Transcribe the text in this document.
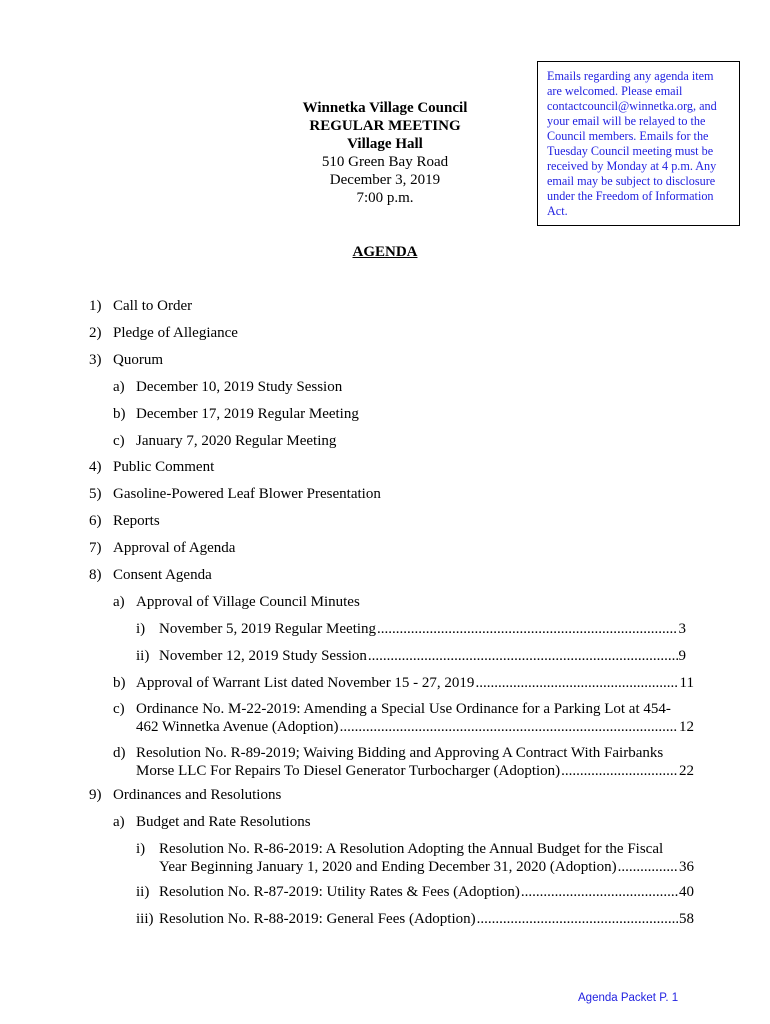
Emails regarding any agenda item
are welcomed. Please email
contactcouncil@winnetka.org, and
your email will be relayed to the
Council members. Emails for the
Tuesday Council meeting must be
received by Monday at 4 p.m. Any
email may be subject to disclosure
under the Freedom of Information
Act.
Winnetka Village Council
REGULAR MEETING
Village Hall
510 Green Bay Road
December 3, 2019
7:00 p.m.
AGENDA
1) Call to Order
2) Pledge of Allegiance
3) Quorum
a) December 10, 2019 Study Session
b) December 17, 2019 Regular Meeting
c) January 7, 2020 Regular Meeting
4) Public Comment
5) Gasoline-Powered Leaf Blower Presentation
6) Reports
7) Approval of Agenda
8) Consent Agenda
a) Approval of Village Council Minutes
i) November 5, 2019 Regular Meeting .....	3
ii) November 12, 2019 Study Session .....	9
b) Approval of Warrant List dated November 15 - 27, 2019 .....	11
c) Ordinance No. M-22-2019: Amending a Special Use Ordinance for a Parking Lot at 454-
462 Winnetka Avenue (Adoption) .....	12
d) Resolution No. R-89-2019; Waiving Bidding and Approving A Contract With Fairbanks
Morse LLC For Repairs To Diesel Generator Turbocharger (Adoption) .....	22
9) Ordinances and Resolutions
a) Budget and Rate Resolutions
i) Resolution No. R-86-2019: A Resolution Adopting the Annual Budget for the Fiscal
Year Beginning January 1, 2020 and Ending December 31, 2020 (Adoption) .....	36
ii) Resolution No. R-87-2019: Utility Rates & Fees (Adoption) .....	40
iii) Resolution No. R-88-2019: General Fees (Adoption) .....	58
Agenda Packet P. 1
